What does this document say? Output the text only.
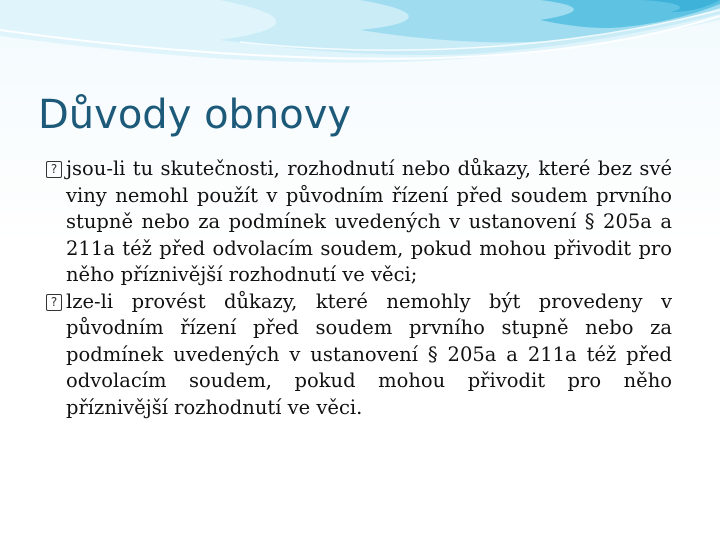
Důvody obnovy
? jsou-li tu skutečnosti, rozhodnutí nebo důkazy, které bez své viny nemohl použít v původním řízení před soudem prvního stupně nebo za podmínek uvedených v ustanovení § 205a a 211a též před odvolacím soudem, pokud mohou přivodit pro něho příznivější rozhodnutí ve věci;
? lze-li provést důkazy, které nemohly být provedeny v původním řízení před soudem prvního stupně nebo za podmínek uvedených v ustanovení § 205a a 211a též před odvolacím soudem, pokud mohou přivodit pro něho příznivější rozhodnutí ve věci.
